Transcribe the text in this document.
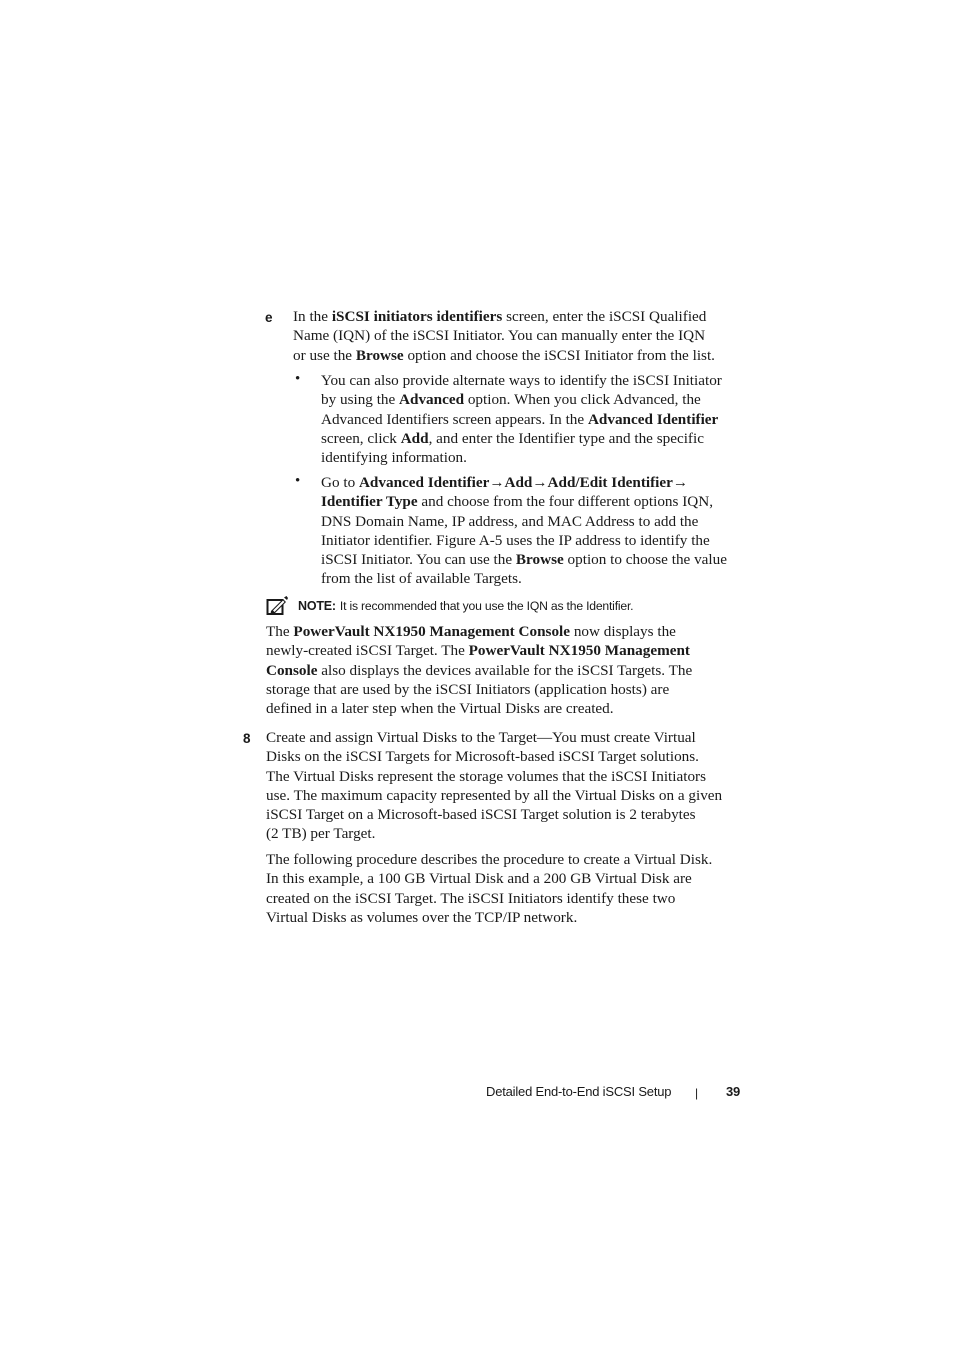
e In the iSCSI initiators identifiers screen, enter the iSCSI Qualified

Name (IQN) of the iSCSI Initiator. You can manually enter the IQN

or use the Browse option and choose the iSCSI Initiator from the list.

• You can also provide alternate ways to identify the iSCSI Initiator

by using the Advanced option. When you click Advanced, the

Advanced Identifiers screen appears. In the Advanced Identifier

screen, click Add, and enter the Identifier type and the specific

identifying information.

• Go to Advanced Identifier→Add→Add/Edit Identifier→

Identifier Type and choose from the four different options IQN,

DNS Domain Name, IP address, and MAC Address to add the

Initiator identifier. Figure A-5 uses the IP address to identify the

iSCSI Initiator. You can use the Browse option to choose the value

from the list of available Targets.

NOTE: It is recommended that you use the IQN as the Identifier.

The PowerVault NX1950 Management Console now displays the

newly-created iSCSI Target. The PowerVault NX1950 Management

Console also displays the devices available for the iSCSI Targets. The

storage that are used by the iSCSI Initiators (application hosts) are

defined in a later step when the Virtual Disks are created.

8 Create and assign Virtual Disks to the Target—You must create Virtual

Disks on the iSCSI Targets for Microsoft-based iSCSI Target solutions.

The Virtual Disks represent the storage volumes that the iSCSI Initiators

use. The maximum capacity represented by all the Virtual Disks on a given

iSCSI Target on a Microsoft-based iSCSI Target solution is 2 terabytes

(2 TB) per Target.

The following procedure describes the procedure to create a Virtual Disk.

In this example, a 100 GB Virtual Disk and a 200 GB Virtual Disk are

created on the iSCSI Target. The iSCSI Initiators identify these two

Virtual Disks as volumes over the TCP/IP network.

Detailed End-to-End iSCSI Setup | 39
